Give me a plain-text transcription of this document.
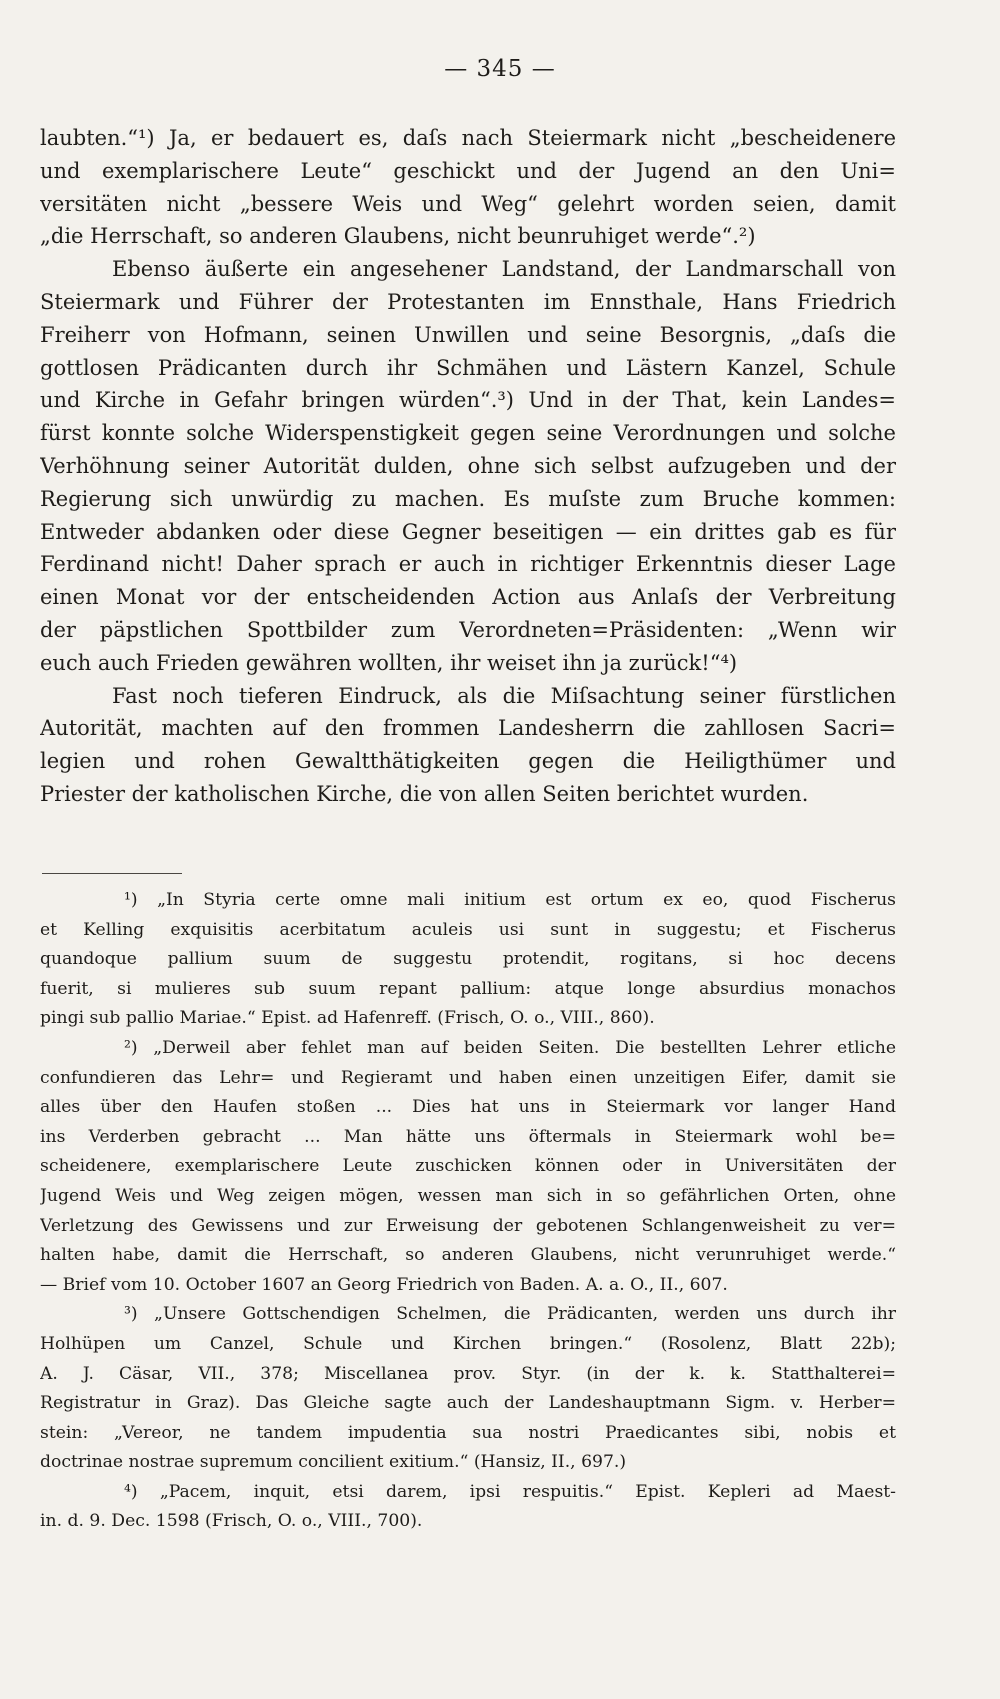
— 345 —
laubten.“¹) Ja, er bedauert es, daſs nach Steiermark nicht „bescheidenere
und exemplarischere Leute“ geschickt und der Jugend an den Uni=
versitäten nicht „bessere Weis und Weg“ gelehrt worden seien, damit
„die Herrschaft, so anderen Glaubens, nicht beunruhiget werde“.²)
Ebenso äußerte ein angesehener Landstand, der Landmarschall von
Steiermark und Führer der Protestanten im Ennsthale, Hans Friedrich
Freiherr von Hofmann, seinen Unwillen und seine Besorgnis, „daſs die
gottlosen Prädicanten durch ihr Schmähen und Lästern Kanzel, Schule
und Kirche in Gefahr bringen würden“.³) Und in der That, kein Landes=
fürst konnte solche Widerspenstigkeit gegen seine Verordnungen und solche
Verhöhnung seiner Autorität dulden, ohne sich selbst aufzugeben und der
Regierung sich unwürdig zu machen. Es muſste zum Bruche kommen:
Entweder abdanken oder diese Gegner beseitigen — ein drittes gab es für
Ferdinand nicht! Daher sprach er auch in richtiger Erkenntnis dieser Lage
einen Monat vor der entscheidenden Action aus Anlaſs der Verbreitung
der päpstlichen Spottbilder zum Verordneten=Präsidenten: „Wenn wir
euch auch Frieden gewähren wollten, ihr weiset ihn ja zurück!“⁴)
Fast noch tieferen Eindruck, als die Miſsachtung seiner fürstlichen
Autorität, machten auf den frommen Landesherrn die zahllosen Sacri=
legien und rohen Gewaltthätigkeiten gegen die Heiligthümer und
Priester der katholischen Kirche, die von allen Seiten berichtet wurden.
¹) „In Styria certe omne mali initium est ortum ex eo, quod Fischerus
et Kelling exquisitis acerbitatum aculeis usi sunt in suggestu; et Fischerus
quandoque pallium suum de suggestu protendit, rogitans, si hoc decens
fuerit, si mulieres sub suum repant pallium: atque longe absurdius monachos
pingi sub pallio Mariae.“ Epist. ad Hafenreff. (Frisch, O. o., VIII., 860).
²) „Derweil aber fehlet man auf beiden Seiten. Die bestellten Lehrer etliche
confundieren das Lehr= und Regieramt und haben einen unzeitigen Eifer, damit sie
alles über den Haufen stoßen ... Dies hat uns in Steiermark vor langer Hand
ins Verderben gebracht ... Man hätte uns öftermals in Steiermark wohl be=
scheidenere, exemplarischere Leute zuschicken können oder in Universitäten der
Jugend Weis und Weg zeigen mögen, wessen man sich in so gefährlichen Orten, ohne
Verletzung des Gewissens und zur Erweisung der gebotenen Schlangenweisheit zu ver=
halten habe, damit die Herrschaft, so anderen Glaubens, nicht verunruhiget werde.“
— Brief vom 10. October 1607 an Georg Friedrich von Baden. A. a. O., II., 607.
³) „Unsere Gottschendigen Schelmen, die Prädicanten, werden uns durch ihr
Holhüpen um Canzel, Schule und Kirchen bringen.“ (Rosolenz, Blatt 22b);
A. J. Cäsar, VII., 378; Miscellanea prov. Styr. (in der k. k. Statthalterei=
Registratur in Graz). Das Gleiche sagte auch der Landeshauptmann Sigm. v. Herber=
stein: „Vereor, ne tandem impudentia sua nostri Praedicantes sibi, nobis et
doctrinae nostrae supremum concilient exitium.“ (Hansiz, II., 697.)
⁴) „Pacem, inquit, etsi darem, ipsi respuitis.“ Epist. Kepleri ad Maest-
in. d. 9. Dec. 1598 (Frisch, O. o., VIII., 700).
